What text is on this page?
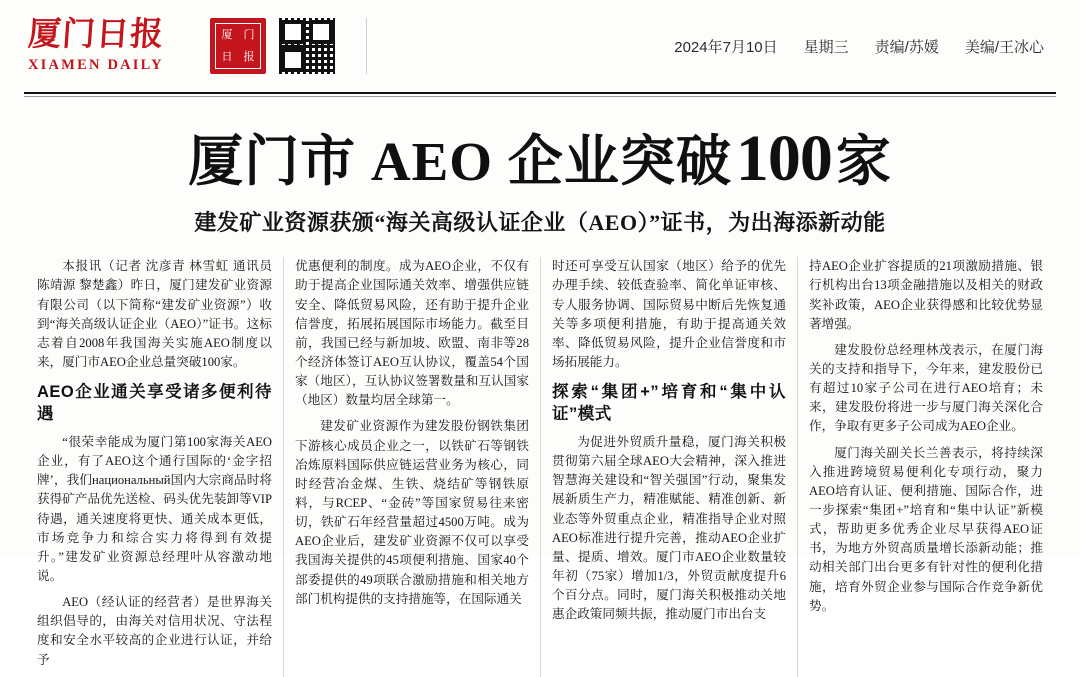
厦门日报
XIAMEN DAILY
厦 门
日 报
2024年7月10日 星期三 责编/苏媛 美编/王冰心
厦门市 AEO 企业突破100家
建发矿业资源获颁“海关高级认证企业（AEO）”证书，为出海添新动能

本报讯（记者 沈彦青 林雪虹 通讯员 陈靖源 黎楚鑫）昨日，厦门建发矿业资源有限公司（以下简称“建发矿业资源”）收到“海关高级认证企业（AEO）”证书。这标志着自2008年我国海关实施AEO制度以来，厦门市AEO企业总量突破100家。

AEO企业通关享受诸多便利待遇

“很荣幸能成为厦门第100家海关AEO企业，有了AEO这个通行国际的‘金字招牌’，我们национальный国内大宗商品时将获得矿产品优先送检、码头优先装卸等VIP待遇，通关速度将更快、通关成本更低，市场竞争力和综合实力将得到有效提升。”建发矿业资源总经理叶从容激动地说。

AEO（经认证的经营者）是世界海关组织倡导的，由海关对信用状况、守法程度和安全水平较高的企业进行认证，并给予

优惠便利的制度。成为AEO企业，不仅有助于提高企业国际通关效率、增强供应链安全、降低贸易风险，还有助于提升企业信誉度，拓展拓展国际市场能力。截至目前，我国已经与新加坡、欧盟、南非等28个经济体签订AEO互认协议，覆盖54个国家（地区），互认协议签署数量和互认国家（地区）数量均居全球第一。

建发矿业资源作为建发股份钢铁集团下游核心成员企业之一，以铁矿石等钢铁冶炼原料国际供应链运营业务为核心，同时经营冶金煤、生铁、烧结矿等钢铁原料，与RCEP、“金砖”等国家贸易往来密切，铁矿石年经营量超过4500万吨。成为AEO企业后，建发矿业资源不仅可以享受我国海关提供的45项便利措施、国家40个部委提供的49项联合激励措施和相关地方部门机构提供的支持措施等，在国际通关

时还可享受互认国家（地区）给予的优先办理手续、较低查验率、简化单证审核、专人服务协调、国际贸易中断后先恢复通关等多项便利措施，有助于提高通关效率、降低贸易风险，提升企业信誉度和市场拓展能力。

探索“集团+”培育和“集中认证”模式

为促进外贸质升量稳，厦门海关积极贯彻第六届全球AEO大会精神，深入推进智慧海关建设和“智关强国”行动，聚集发展新质生产力，精准赋能、精准创新、新业态等外贸重点企业，精准指导企业对照AEO标准进行提升完善，推动AEO企业扩量、提质、增效。厦门市AEO企业数量较年初（75家）增加1/3，外贸贡献度提升6个百分点。同时，厦门海关积极推动关地惠企政策同频共振，推动厦门市出台支

持AEO企业扩容提质的21项激励措施、银行机构出台13项金融措施以及相关的财政奖补政策，AEO企业获得感和比较优势显著增强。

建发股份总经理林茂表示，在厦门海关的支持和指导下，今年来，建发股份已有超过10家子公司在进行AEO培育；未来，建发股份将进一步与厦门海关深化合作，争取有更多子公司成为AEO企业。

厦门海关副关长兰善表示，将持续深入推进跨境贸易便利化专项行动，聚力AEO培育认证、便利措施、国际合作，进一步探索“集团+”培育和“集中认证”新模式，帮助更多优秀企业尽早获得AEO证书，为地方外贸高质量增长添新动能；推动相关部门出台更多有针对性的便利化措施，培育外贸企业参与国际合作竞争新优势。
